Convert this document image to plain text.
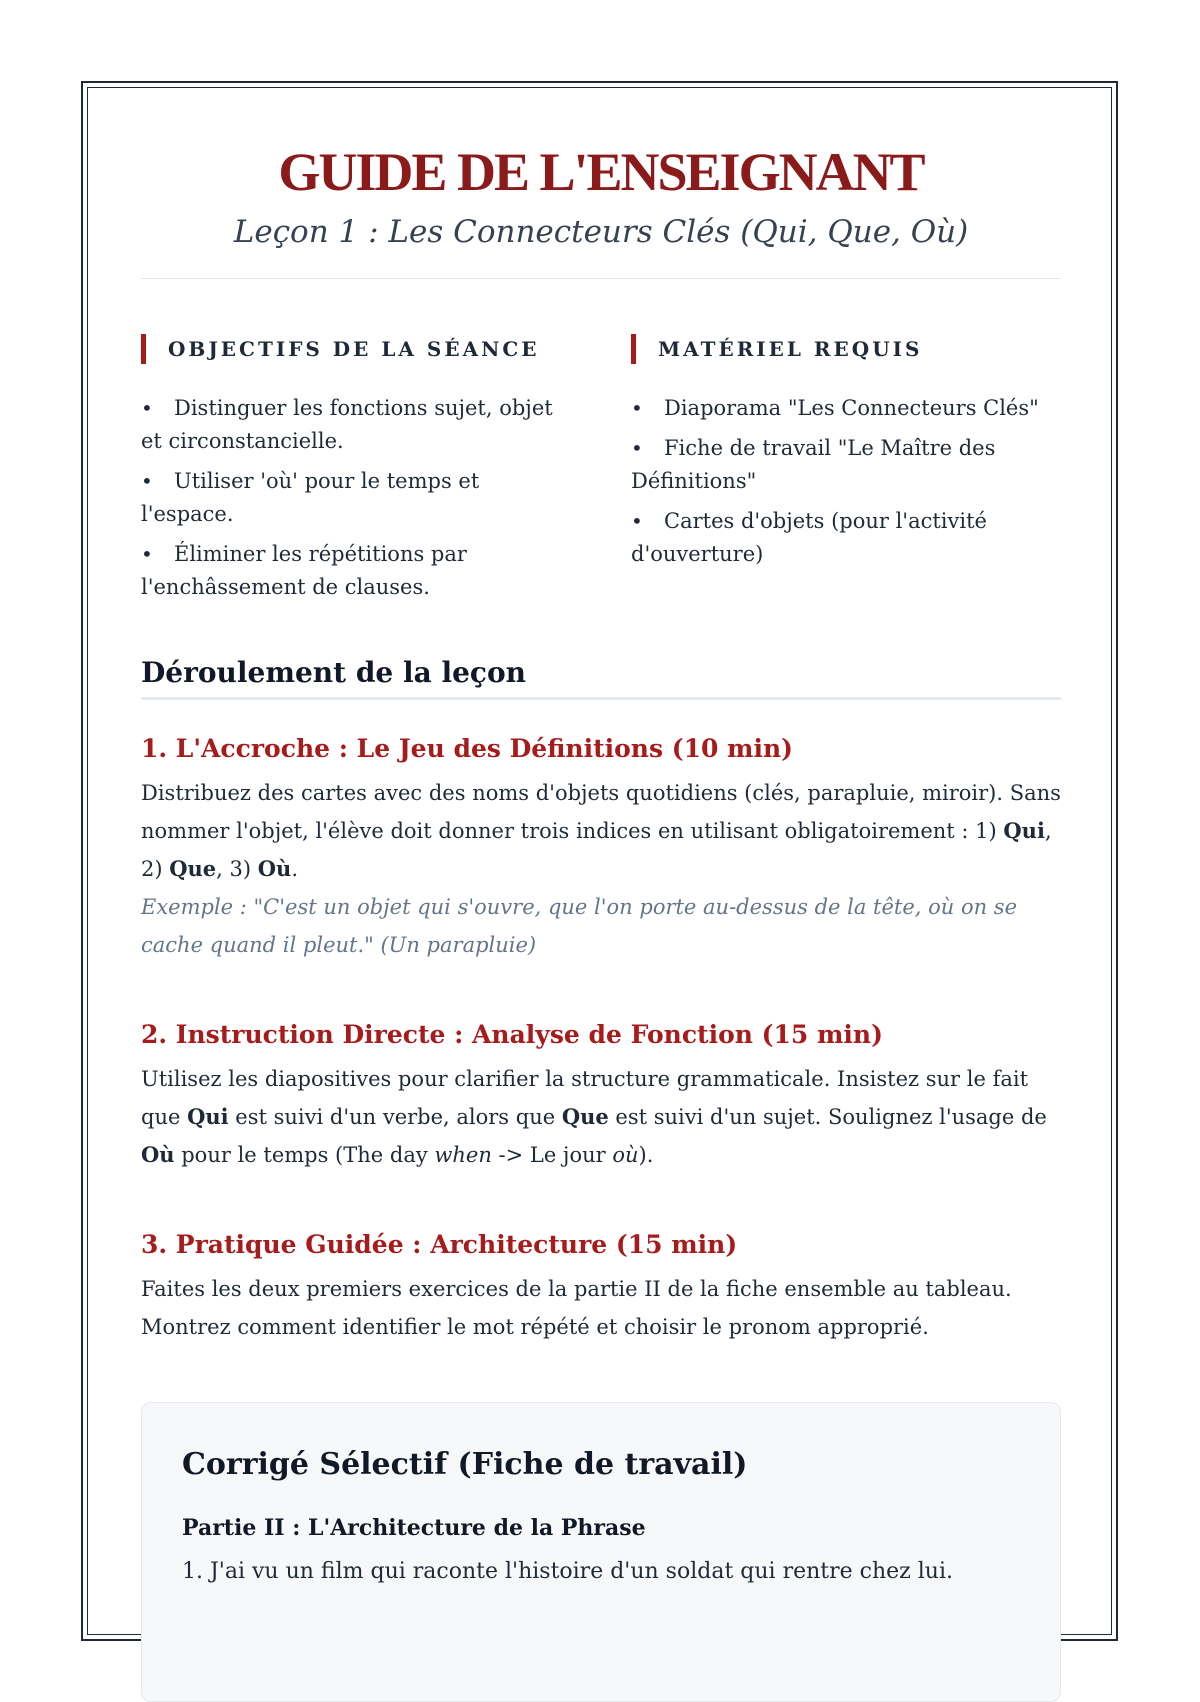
GUIDE DE L'ENSEIGNANT
Leçon 1 : Les Connecteurs Clés (Qui, Que, Où)
OBJECTIFS DE LA SÉANCE
• Distinguer les fonctions sujet, objet et circonstancielle.
• Utiliser 'où' pour le temps et l'espace.
• Éliminer les répétitions par l'enchâssement de clauses.
MATÉRIEL REQUIS
• Diaporama "Les Connecteurs Clés"
• Fiche de travail "Le Maître des Définitions"
• Cartes d'objets (pour l'activité d'ouverture)
Déroulement de la leçon
1. L'Accroche : Le Jeu des Définitions (10 min)
Distribuez des cartes avec des noms d'objets quotidiens (clés, parapluie, miroir). Sans nommer l'objet, l'élève doit donner trois indices en utilisant obligatoirement : 1) Qui, 2) Que, 3) Où.
Exemple : "C'est un objet qui s'ouvre, que l'on porte au-dessus de la tête, où on se cache quand il pleut." (Un parapluie)
2. Instruction Directe : Analyse de Fonction (15 min)
Utilisez les diapositives pour clarifier la structure grammaticale. Insistez sur le fait que Qui est suivi d'un verbe, alors que Que est suivi d'un sujet. Soulignez l'usage de Où pour le temps (The day when -> Le jour où).
3. Pratique Guidée : Architecture (15 min)
Faites les deux premiers exercices de la partie II de la fiche ensemble au tableau. Montrez comment identifier le mot répété et choisir le pronom approprié.
Corrigé Sélectif (Fiche de travail)
Partie II : L'Architecture de la Phrase
1. J'ai vu un film qui raconte l'histoire d'un soldat qui rentre chez lui.
